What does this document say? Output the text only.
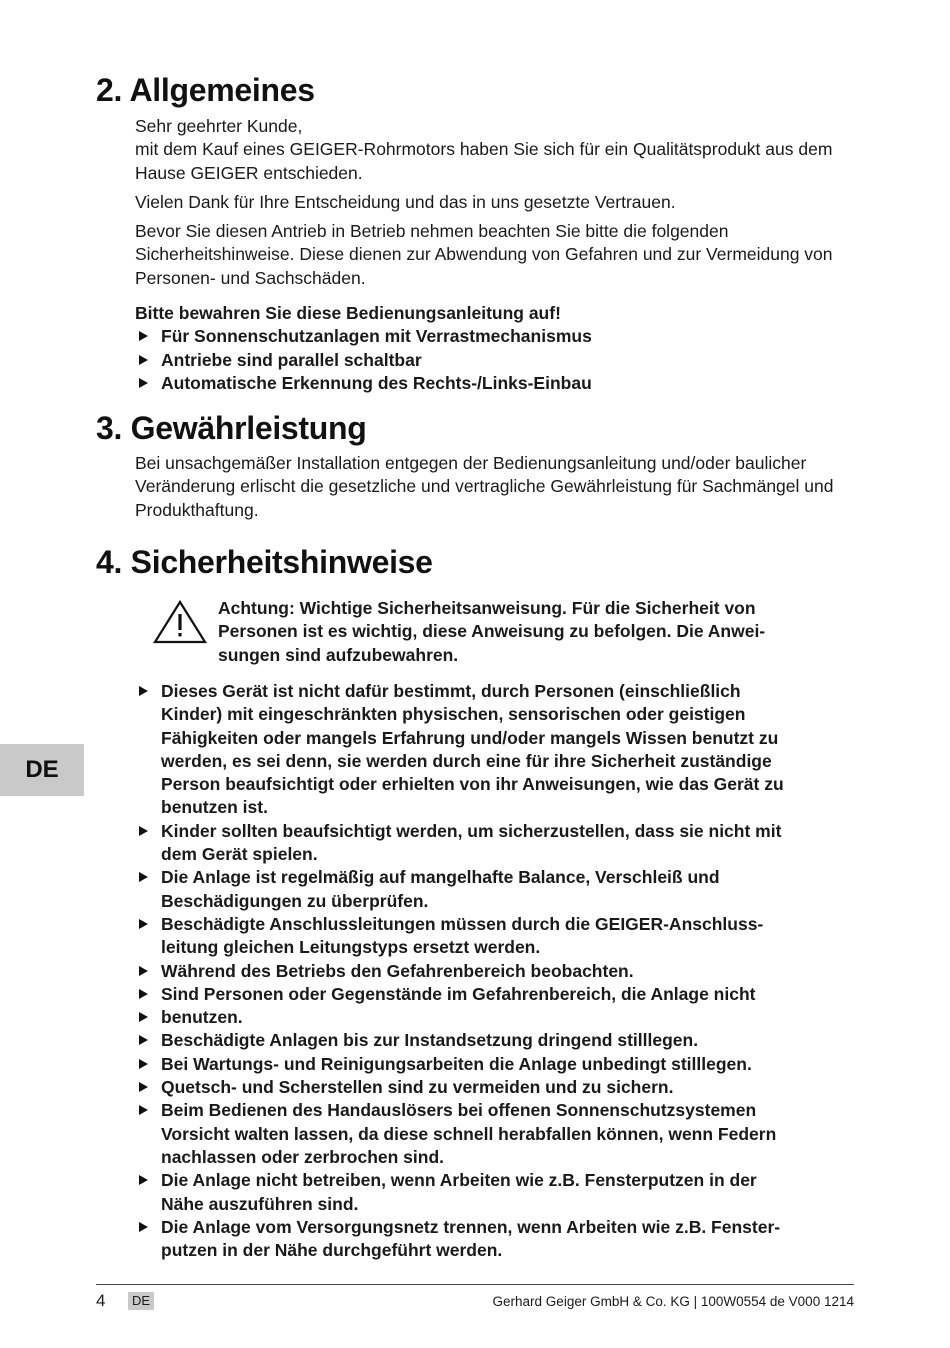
2. Allgemeines

Sehr geehrter Kunde,

mit dem Kauf eines GEIGER-Rohrmotors haben Sie sich für ein Qualitätsprodukt aus dem Hause GEIGER entschieden.

Vielen Dank für Ihre Entscheidung und das in uns gesetzte Vertrauen.

Bevor Sie diesen Antrieb in Betrieb nehmen beachten Sie bitte die folgenden Sicherheitshinweise. Diese dienen zur Abwendung von Gefahren und zur Vermeidung von Personen- und Sachschäden.

Bitte bewahren Sie diese Bedienungsanleitung auf!

Für Sonnenschutzanlagen mit Verrastmechanismus
Antriebe sind parallel schaltbar
Automatische Erkennung des Rechts-/Links-Einbau
3. Gewährleistung

Bei unsachgemäßer Installation entgegen der Bedienungsanleitung und/oder baulicher Veränderung erlischt die gesetzliche und vertragliche Gewährleistung für Sachmängel und Produkthaftung.

4. Sicherheitshinweise
Achtung: Wichtige Sicherheitsanweisung. Für die Sicherheit von
Personen ist es wichtig, diese Anweisung zu befolgen. Die Anwei-
sungen sind aufzubewahren.
Dieses Gerät ist nicht dafür bestimmt, durch Personen (einschließlich
Kinder) mit eingeschränkten physischen, sensorischen oder geistigen
Fähigkeiten oder mangels Erfahrung und/oder mangels Wissen benutzt zu
werden, es sei denn, sie werden durch eine für ihre Sicherheit zuständige
Person beaufsichtigt oder erhielten von ihr Anweisungen, wie das Gerät zu
benutzen ist.
Kinder sollten beaufsichtigt werden, um sicherzustellen, dass sie nicht mit
dem Gerät spielen.
Die Anlage ist regelmäßig auf mangelhafte Balance, Verschleiß und
Beschädigungen zu überprüfen.
Beschädigte Anschlussleitungen müssen durch die GEIGER-Anschluss-
leitung gleichen Leitungstyps ersetzt werden.
Während des Betriebs den Gefahrenbereich beobachten.
Sind Personen oder Gegenstände im Gefahrenbereich, die Anlage nicht
benutzen.
Beschädigte Anlagen bis zur Instandsetzung dringend stilllegen.
Bei Wartungs- und Reinigungsarbeiten die Anlage unbedingt stilllegen.
Quetsch- und Scherstellen sind zu vermeiden und zu sichern.
Beim Bedienen des Handauslösers bei offenen Sonnenschutzsystemen
Vorsicht walten lassen, da diese schnell herabfallen können, wenn Federn
nachlassen oder zerbrochen sind.
Die Anlage nicht betreiben, wenn Arbeiten wie z.B. Fensterputzen in der
Nähe auszuführen sind.
Die Anlage vom Versorgungsnetz trennen, wenn Arbeiten wie z.B. Fenster-
putzen in der Nähe durchgeführt werden.
DE
4	DE	Gerhard Geiger GmbH & Co. KG | 100W0554 de V000 1214
